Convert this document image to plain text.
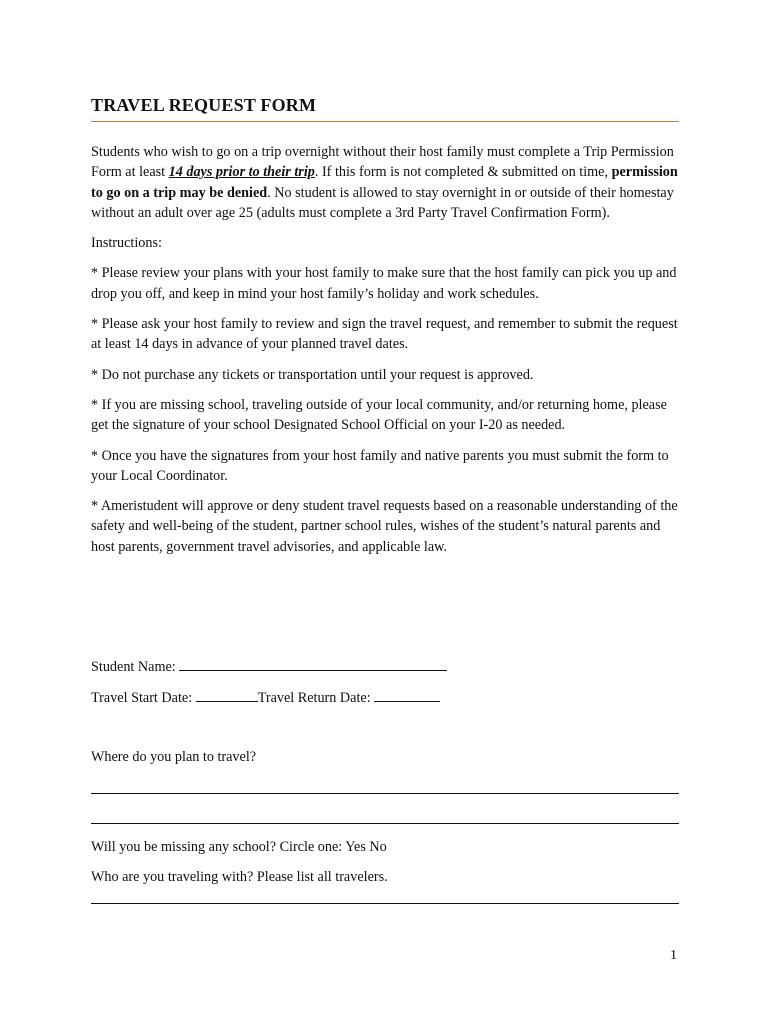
TRAVEL REQUEST FORM

Students who wish to go on a trip overnight without their host family must complete a Trip Permission Form at least 14 days prior to their trip. If this form is not completed & submitted on time, permission to go on a trip may be denied. No student is allowed to stay overnight in or outside of their homestay without an adult over age 25 (adults must complete a 3rd Party Travel Confirmation Form).

Instructions:

* Please review your plans with your host family to make sure that the host family can pick you up and drop you off, and keep in mind your host family’s holiday and work schedules.

* Please ask your host family to review and sign the travel request, and remember to submit the request at least 14 days in advance of your planned travel dates.

* Do not purchase any tickets or transportation until your request is approved.

* If you are missing school, traveling outside of your local community, and/or returning home, please get the signature of your school Designated School Official on your I-20 as needed.

* Once you have the signatures from your host family and native parents you must submit the form to your Local Coordinator.

* Ameristudent will approve or deny student travel requests based on a reasonable understanding of the safety and well-being of the student, partner school rules, wishes of the student’s natural parents and host parents, government travel advisories, and applicable law.

Student Name:
Travel Start Date:	Travel Return Date:
Where do you plan to travel?
Will you be missing any school? Circle one: Yes No
Who are you traveling with? Please list all travelers.
1
